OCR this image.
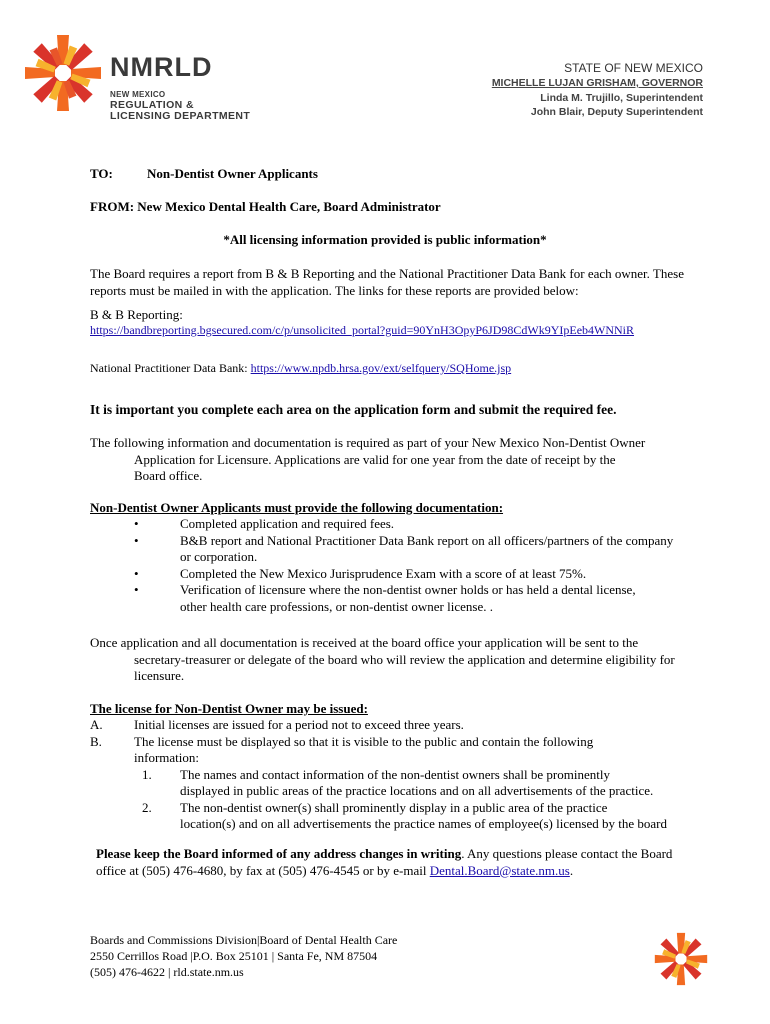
NMRLD
NEW MEXICO
REGULATION &
LICENSING DEPARTMENT
STATE OF NEW MEXICO
MICHELLE LUJAN GRISHAM, GOVERNOR
Linda M. Trujillo, Superintendent
John Blair, Deputy Superintendent
TO:	Non-Dentist Owner Applicants
FROM: New Mexico Dental Health Care, Board Administrator
*All licensing information provided is public information*
The Board requires a report from B & B Reporting and the National Practitioner Data Bank for each owner. These
reports must be mailed in with the application. The links for these reports are provided below:
B & B Reporting:
https://bandbreporting.bgsecured.com/c/p/unsolicited_portal?guid=90YnH3OpyP6JD98CdWk9YIpEeb4WNNiR
National Practitioner Data Bank: https://www.npdb.hrsa.gov/ext/selfquery/SQHome.jsp
It is important you complete each area on the application form and submit the required fee.
The following information and documentation is required as part of your New Mexico Non-Dentist Owner
Application for Licensure. Applications are valid for one year from the date of receipt by the
Board office.
Non-Dentist Owner Applicants must provide the following documentation:
•	Completed application and required fees.
•	B&B report and National Practitioner Data Bank report on all officers/partners of the company
or corporation.
•	Completed the New Mexico Jurisprudence Exam with a score of at least 75%.
•	Verification of licensure where the non-dentist owner holds or has held a dental license,
other health care professions, or non-dentist owner license. .
Once application and all documentation is received at the board office your application will be sent to the
secretary-treasurer or delegate of the board who will review the application and determine eligibility for
licensure.
The license for Non-Dentist Owner may be issued:
A. Initial licenses are issued for a period not to exceed three years.
B. The license must be displayed so that it is visible to the public and contain the following
information:
1. The names and contact information of the non-dentist owners shall be prominently
displayed in public areas of the practice locations and on all advertisements of the practice.
2. The non-dentist owner(s) shall prominently display in a public area of the practice
location(s) and on all advertisements the practice names of employee(s) licensed by the board
Please keep the Board informed of any address changes in writing. Any questions please contact the Board
office at (505) 476-4680, by fax at (505) 476-4545 or by e-mail Dental.Board@state.nm.us.
Boards and Commissions Division|Board of Dental Health Care
2550 Cerrillos Road |P.O. Box 25101 | Santa Fe, NM 87504
(505) 476-4622 | rld.state.nm.us
